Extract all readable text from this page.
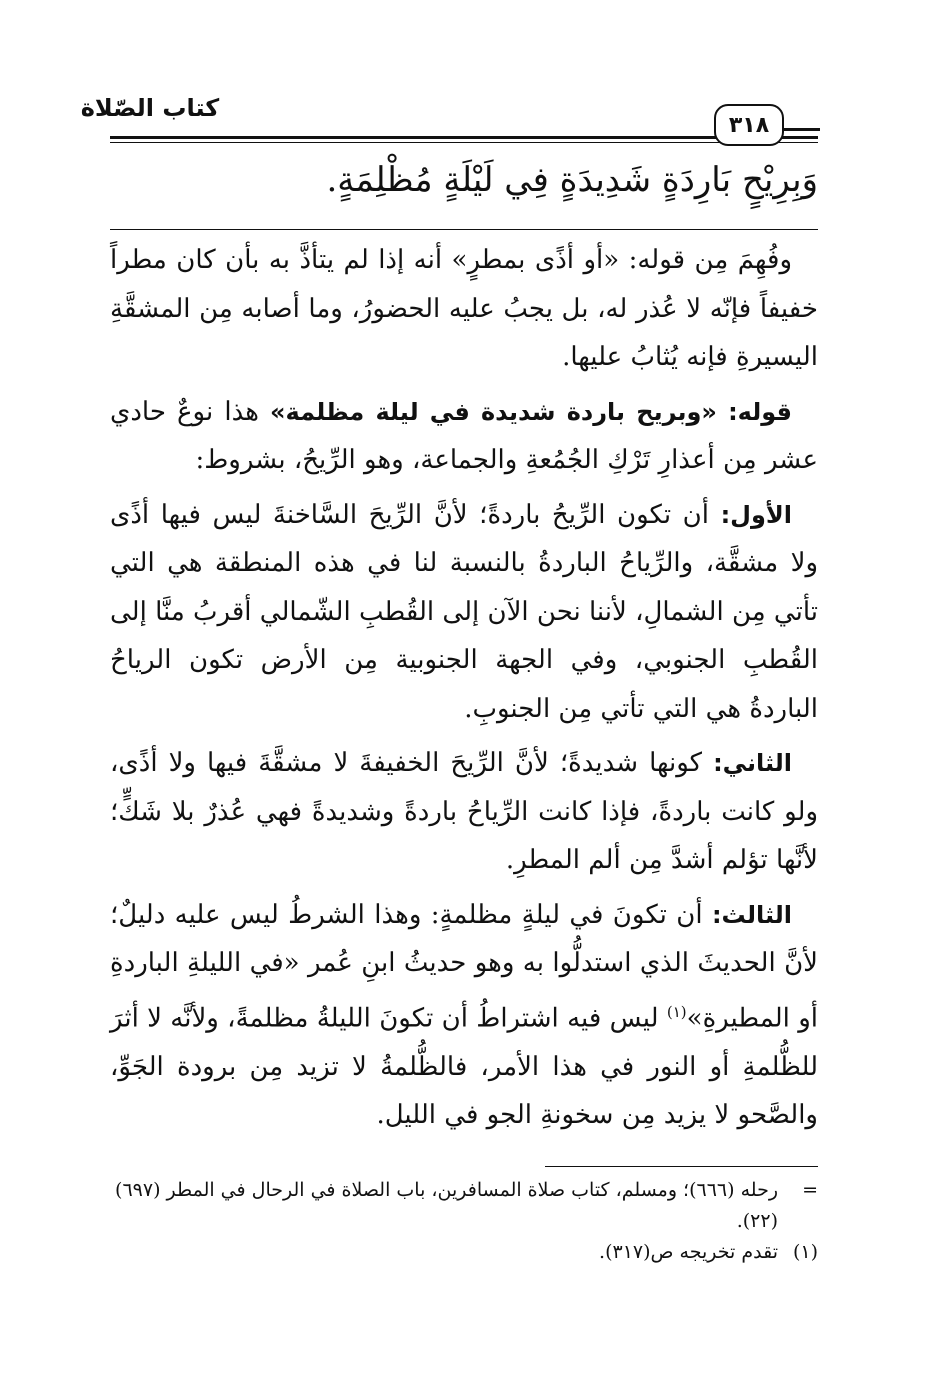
كتاب الصّلاة
٣١٨
وَبِرِيْحٍ بَارِدَةٍ شَدِيدَةٍ فِي لَيْلَةٍ مُظْلِمَةٍ.

وفُهِمَ مِن قوله: «أو أذًى بمطرٍ» أنه إذا لم يتأذَّ به بأن كان مطراً خفيفاً فإنّه لا عُذر له، بل يجبُ عليه الحضورُ، وما أصابه مِن المشقَّةِ اليسيرةِ فإنه يُثابُ عليها.

قوله: «وبريح باردة شديدة في ليلة مظلمة» هذا نوعٌ حادي عشر مِن أعذارِ تَرْكِ الجُمُعةِ والجماعة، وهو الرِّيحُ، بشروط:

الأول: أن تكون الرِّيحُ باردةً؛ لأنَّ الرِّيحَ السَّاخنةَ ليس فيها أذًى ولا مشقَّة، والرِّياحُ الباردةُ بالنسبة لنا في هذه المنطقة هي التي تأتي مِن الشمالِ، لأننا نحن الآن إلى القُطبِ الشّمالي أقربُ منَّا إلى القُطبِ الجنوبي، وفي الجهة الجنوبية مِن الأرض تكون الرياحُ الباردةُ هي التي تأتي مِن الجنوبِ.

الثاني: كونها شديدةً؛ لأنَّ الرِّيحَ الخفيفةَ لا مشقَّةَ فيها ولا أذًى، ولو كانت باردةً، فإذا كانت الرِّياحُ باردةً وشديدةً فهي عُذرٌ بلا شَكٍّ؛ لأنَّها تؤلم أشدَّ مِن ألم المطرِ.

الثالث: أن تكونَ في ليلةٍ مظلمةٍ: وهذا الشرطُ ليس عليه دليلٌ؛ لأنَّ الحديثَ الذي استدلُّوا به وهو حديثُ ابنِ عُمر «في الليلةِ الباردةِ أو المطيرةِ»$^{(١)}$ ليس فيه اشتراطُ أن تكونَ الليلةُ مظلمةً، ولأنَّه لا أثرَ للظُّلمةِ أو النور في هذا الأمر، فالظُّلمةُ لا تزيد مِن برودة الجَوِّ، والصَّحو لا يزيد مِن سخونةِ الجو في الليل.

=
رحله (٦٦٦)؛ ومسلم، كتاب صلاة المسافرين، باب الصلاة في الرحال في المطر (٦٩٧) (٢٢).
(١)
تقدم تخريجه ص(٣١٧).
